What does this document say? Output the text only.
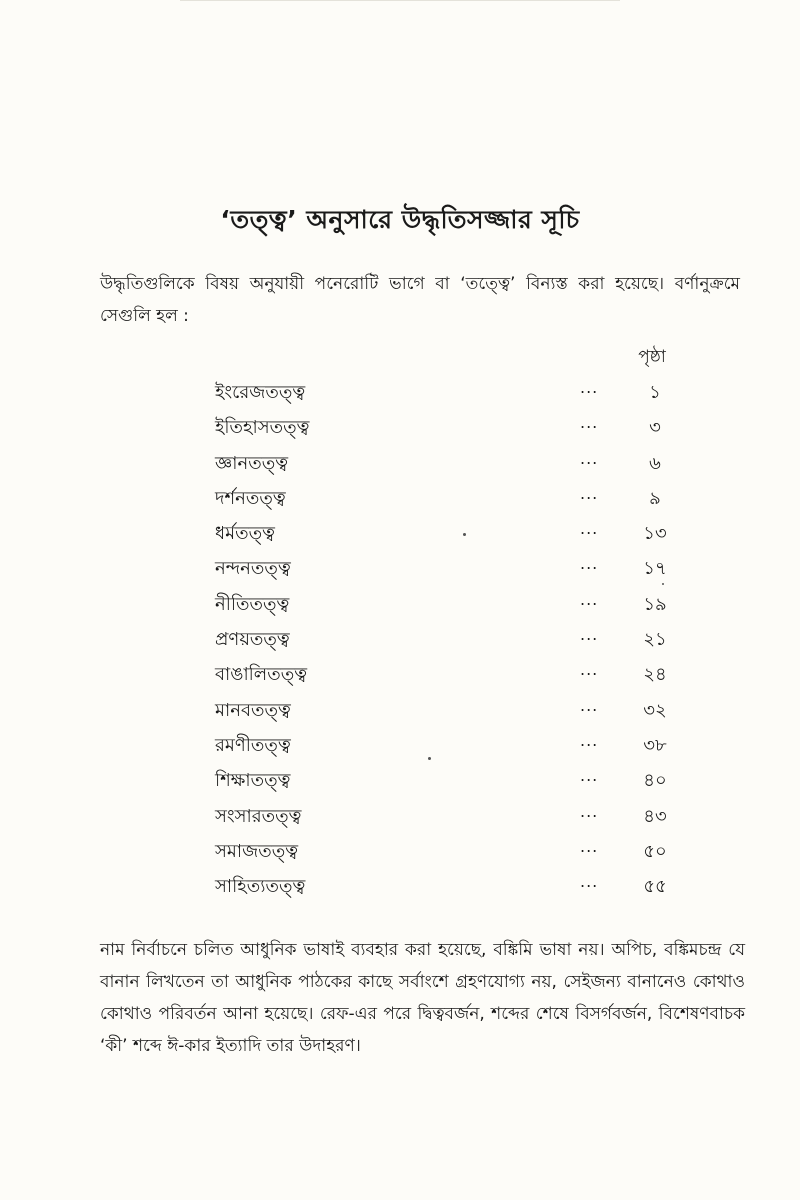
‘তত্ত্ব’ অনুসারে উদ্ধৃতিসজ্জার সূচি

উদ্ধৃতিগুলিকে বিষয় অনুযায়ী পনেরোটি ভাগে বা ‘তত্ত্বে’ বিন্যস্ত করা হয়েছে। বর্ণানুক্রমে সেগুলি হল :

পৃষ্ঠা
ইংরেজতত্ত্ব	...	১
ইতিহাসতত্ত্ব	...	৩
জ্ঞানতত্ত্ব	...	৬
দর্শনতত্ত্ব	...	৯
ধর্মতত্ত্ব	...	১৩
নন্দনতত্ত্ব	...	১৭
নীতিতত্ত্ব	...	১৯
প্রণয়তত্ত্ব	...	২১
বাঙালিতত্ত্ব	...	২৪
মানবতত্ত্ব	...	৩২
রমণীতত্ত্ব	...	৩৮
শিক্ষাতত্ত্ব	...	৪০
সংসারতত্ত্ব	...	৪৩
সমাজতত্ত্ব	...	৫০
সাহিত্যতত্ত্ব	...	৫৫

নাম নির্বাচনে চলিত আধুনিক ভাষাই ব্যবহার করা হয়েছে, বঙ্কিমি ভাষা নয়। অপিচ, বঙ্কিমচন্দ্র যে বানান লিখতেন তা আধুনিক পাঠকের কাছে সর্বাংশে গ্রহণযোগ্য নয়, সেইজন্য বানানেও কোথাও কোথাও পরিবর্তন আনা হয়েছে। রেফ-এর পরে দ্বিত্ববর্জন, শব্দের শেষে বিসর্গবর্জন, বিশেষণবাচক ‘কী’ শব্দে ঈ-কার ইত্যাদি তার উদাহরণ।
